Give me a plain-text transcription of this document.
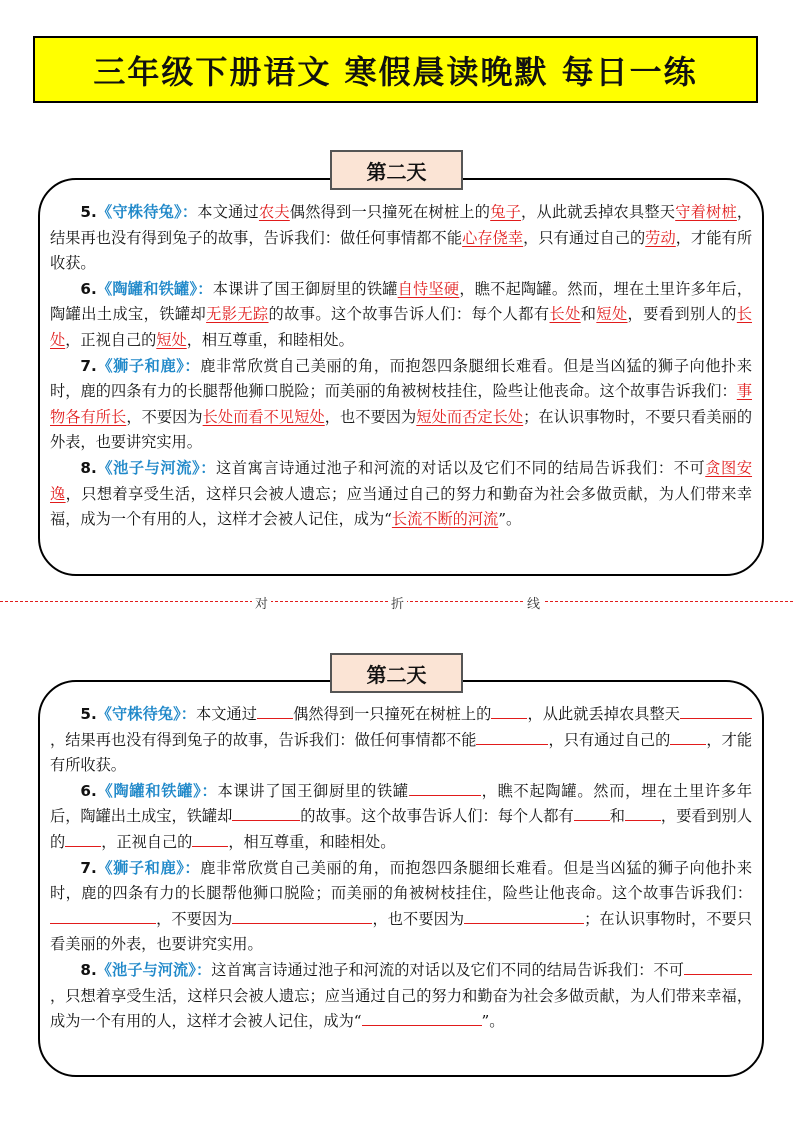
三年级下册语文 寒假晨读晚默 每日一练
第二天

5.《守株待兔》：本文通过农夫偶然得到一只撞死在树桩上的兔子，从此就丢掉农具整天守着树桩，结果再也没有得到兔子的故事，告诉我们：做任何事情都不能心存侥幸，只有通过自己的劳动，才能有所收获。

6.《陶罐和铁罐》：本课讲了国王御厨里的铁罐自恃坚硬，瞧不起陶罐。然而，埋在土里许多年后，陶罐出土成宝，铁罐却无影无踪的故事。这个故事告诉人们：每个人都有长处和短处，要看到别人的长处，正视自己的短处，相互尊重，和睦相处。

7.《狮子和鹿》：鹿非常欣赏自己美丽的角，而抱怨四条腿细长难看。但是当凶猛的狮子向他扑来时，鹿的四条有力的长腿帮他狮口脱险；而美丽的角被树枝挂住，险些让他丧命。这个故事告诉我们：事物各有所长，不要因为长处而看不见短处，也不要因为短处而否定长处；在认识事物时，不要只看美丽的外表，也要讲究实用。

8.《池子与河流》：这首寓言诗通过池子和河流的对话以及它们不同的结局告诉我们：不可贪图安逸，只想着享受生活，这样只会被人遗忘；应当通过自己的努力和勤奋为社会多做贡献，为人们带来幸福，成为一个有用的人，这样才会被人记住，成为“长流不断的河流”。

对	折	线
第二天

5.《守株待兔》：本文通过 偶然得到一只撞死在树桩上的 ，从此就丢掉农具整天，结果再也没有得到兔子的故事，告诉我们：做任何事情都不能	，只有通过自己的 ，才能有所收获。

6.《陶罐和铁罐》：本课讲了国王御厨里的铁罐	，瞧不起陶罐。然而，埋在土里许多年后，陶罐出土成宝，铁罐却	的故事。这个故事告诉人们：每个人都有 和 ，要看到别人的 ，正视自己的 ，相互尊重，和睦相处。

7.《狮子和鹿》：鹿非常欣赏自己美丽的角，而抱怨四条腿细长难看。但是当凶猛的狮子向他扑来时，鹿的四条有力的长腿帮他狮口脱险；而美丽的角被树枝挂住，险些让他丧命。这个故事告诉我们：，不要因为	，也不要因为	；在认识事物时，不要只看美丽的外表，也要讲究实用。

8.《池子与河流》：这首寓言诗通过池子和河流的对话以及它们不同的结局告诉我们：不可，只想着享受生活，这样只会被人遗忘；应当通过自己的努力和勤奋为社会多做贡献，为人们带来幸福，成为一个有用的人，这样才会被人记住，成为“	”。
